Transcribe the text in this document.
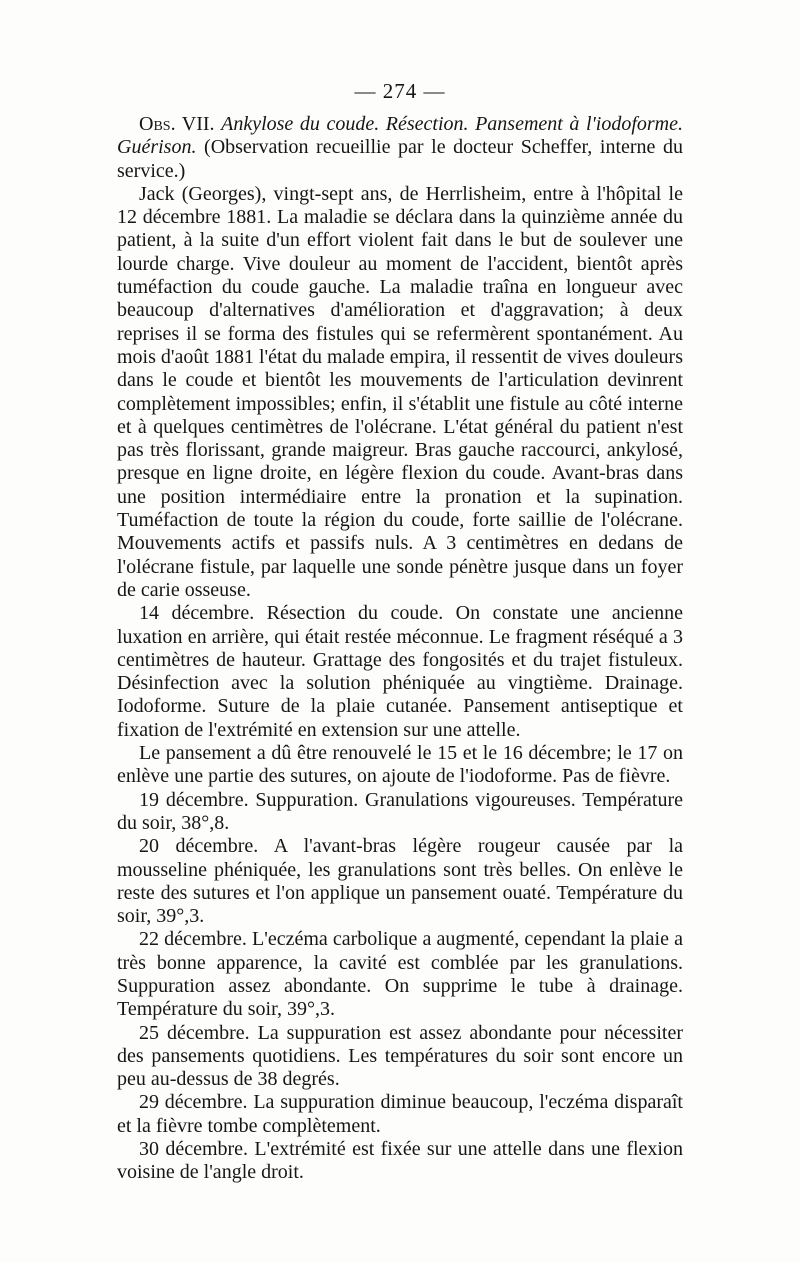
— 274 —

Obs. VII. Ankylose du coude. Résection. Pansement à l'iodoforme. Guérison. (Observation recueillie par le docteur Scheffer, interne du service.)

Jack (Georges), vingt-sept ans, de Herrlisheim, entre à l'hôpital le 12 décembre 1881. La maladie se déclara dans la quinzième année du patient, à la suite d'un effort violent fait dans le but de soulever une lourde charge. Vive douleur au moment de l'accident, bientôt après tuméfaction du coude gauche. La maladie traîna en longueur avec beaucoup d'alternatives d'amélioration et d'aggravation; à deux reprises il se forma des fistules qui se refermèrent spontanément. Au mois d'août 1881 l'état du malade empira, il ressentit de vives douleurs dans le coude et bientôt les mouvements de l'articulation devinrent complètement impossibles; enfin, il s'établit une fistule au côté interne et à quelques centimètres de l'olécrane. L'état général du patient n'est pas très florissant, grande maigreur. Bras gauche raccourci, ankylosé, presque en ligne droite, en légère flexion du coude. Avant-bras dans une position intermédiaire entre la pronation et la supination. Tuméfaction de toute la région du coude, forte saillie de l'olécrane. Mouvements actifs et passifs nuls. A 3 centimètres en dedans de l'olécrane fistule, par laquelle une sonde pénètre jusque dans un foyer de carie osseuse.

14 décembre. Résection du coude. On constate une ancienne luxation en arrière, qui était restée méconnue. Le fragment réséqué a 3 centimètres de hauteur. Grattage des fongosités et du trajet fistuleux. Désinfection avec la solution phéniquée au vingtième. Drainage. Iodoforme. Suture de la plaie cutanée. Pansement antiseptique et fixation de l'extrémité en extension sur une attelle.

Le pansement a dû être renouvelé le 15 et le 16 décembre; le 17 on enlève une partie des sutures, on ajoute de l'iodoforme. Pas de fièvre.

19 décembre. Suppuration. Granulations vigoureuses. Température du soir, 38°,8.

20 décembre. A l'avant-bras légère rougeur causée par la mousseline phéniquée, les granulations sont très belles. On enlève le reste des sutures et l'on applique un pansement ouaté. Température du soir, 39°,3.

22 décembre. L'eczéma carbolique a augmenté, cependant la plaie a très bonne apparence, la cavité est comblée par les granulations. Suppuration assez abondante. On supprime le tube à drainage. Température du soir, 39°,3.

25 décembre. La suppuration est assez abondante pour nécessiter des pansements quotidiens. Les températures du soir sont encore un peu au-dessus de 38 degrés.

29 décembre. La suppuration diminue beaucoup, l'eczéma disparaît et la fièvre tombe complètement.

30 décembre. L'extrémité est fixée sur une attelle dans une flexion voisine de l'angle droit.
